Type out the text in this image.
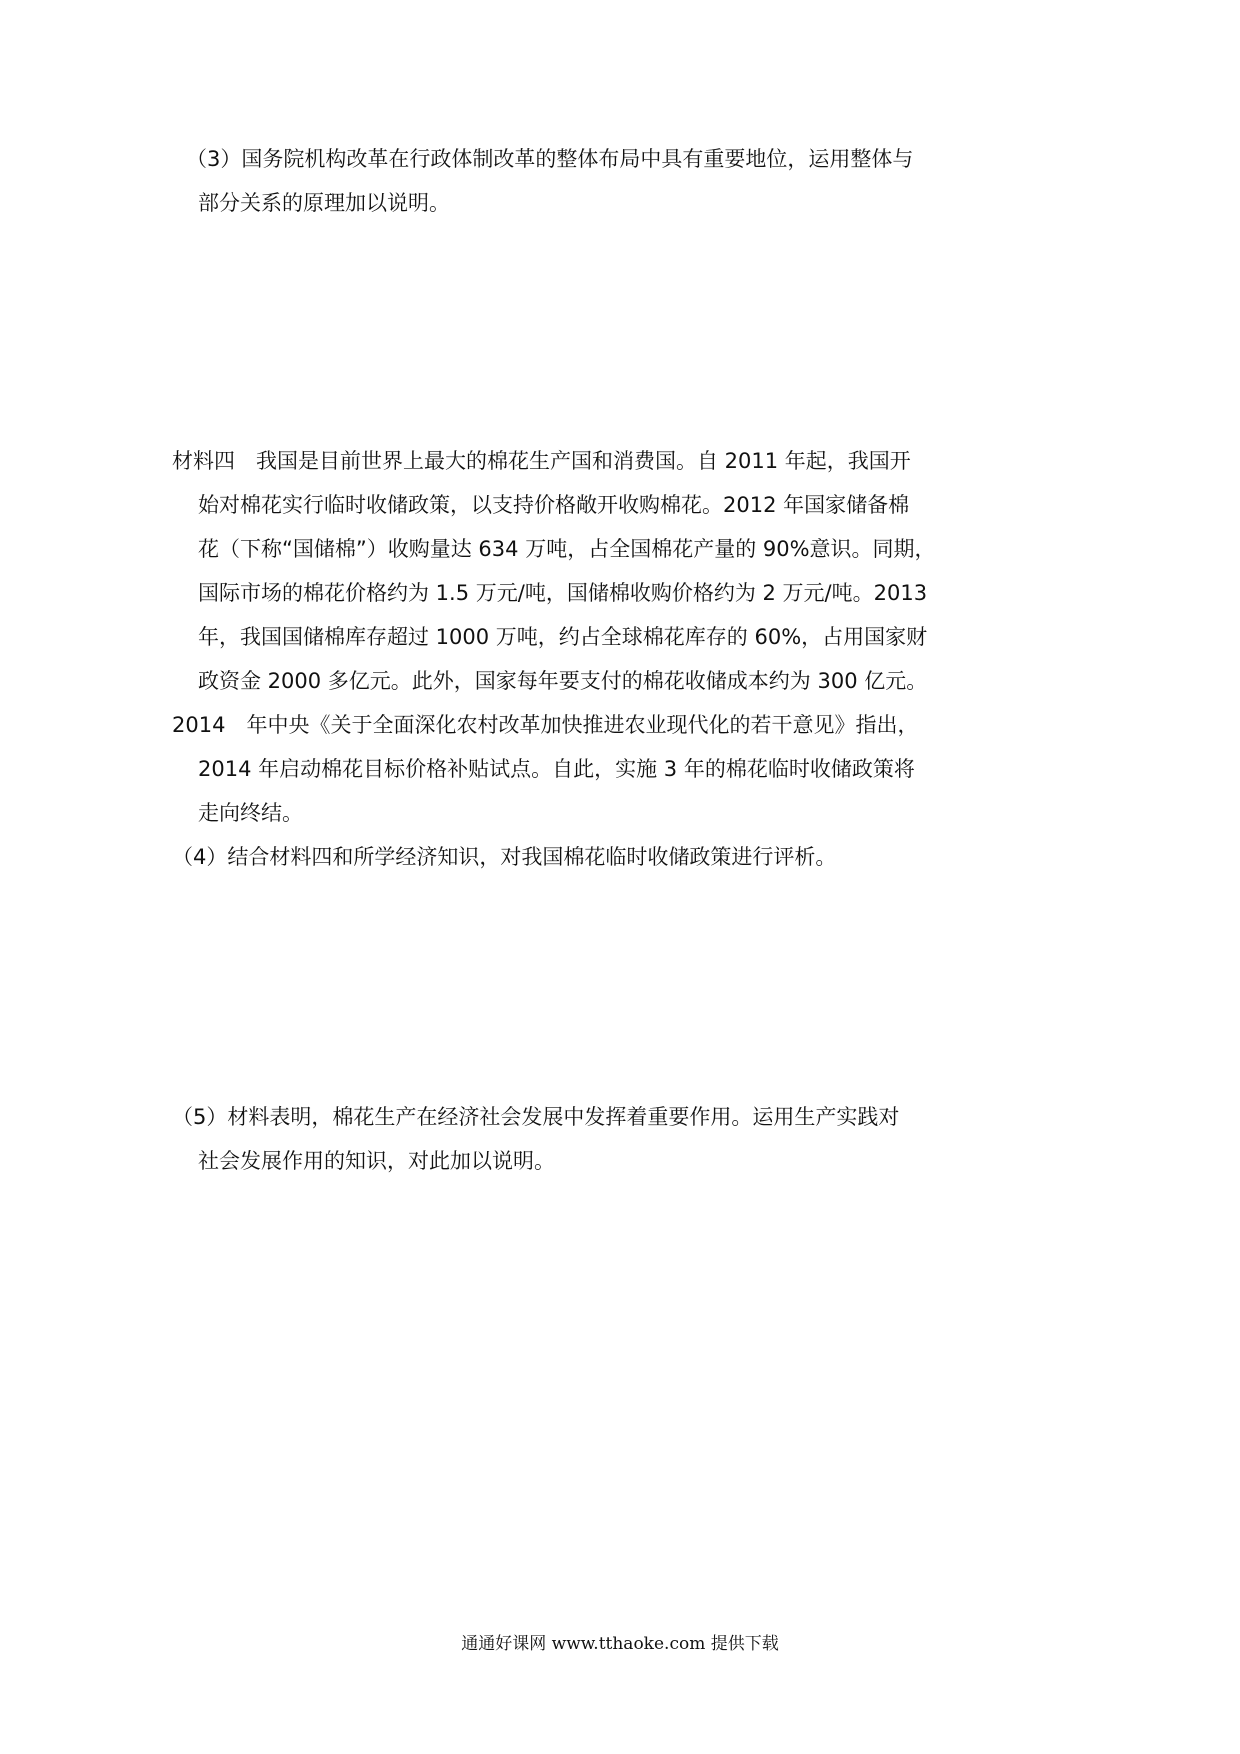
（3）国务院机构改革在行政体制改革的整体布局中具有重要地位，运用整体与
部分关系的原理加以说明。
材料四　我国是目前世界上最大的棉花生产国和消费国。自 2011 年起，我国开
始对棉花实行临时收储政策，以支持价格敞开收购棉花。2012 年国家储备棉
花（下称“国储棉”）收购量达 634 万吨，占全国棉花产量的 90%意识。同期，
国际市场的棉花价格约为 1.5 万元/吨，国储棉收购价格约为 2 万元/吨。2013
年，我国国储棉库存超过 1000 万吨，约占全球棉花库存的 60%，占用国家财
政资金 2000 多亿元。此外，国家每年要支付的棉花收储成本约为 300 亿元。
2014　年中央《关于全面深化农村改革加快推进农业现代化的若干意见》指出，
2014 年启动棉花目标价格补贴试点。自此，实施 3 年的棉花临时收储政策将
走向终结。
（4）结合材料四和所学经济知识，对我国棉花临时收储政策进行评析。
（5）材料表明，棉花生产在经济社会发展中发挥着重要作用。运用生产实践对
社会发展作用的知识，对此加以说明。
通通好课网 www.tthaoke.com 提供下载
